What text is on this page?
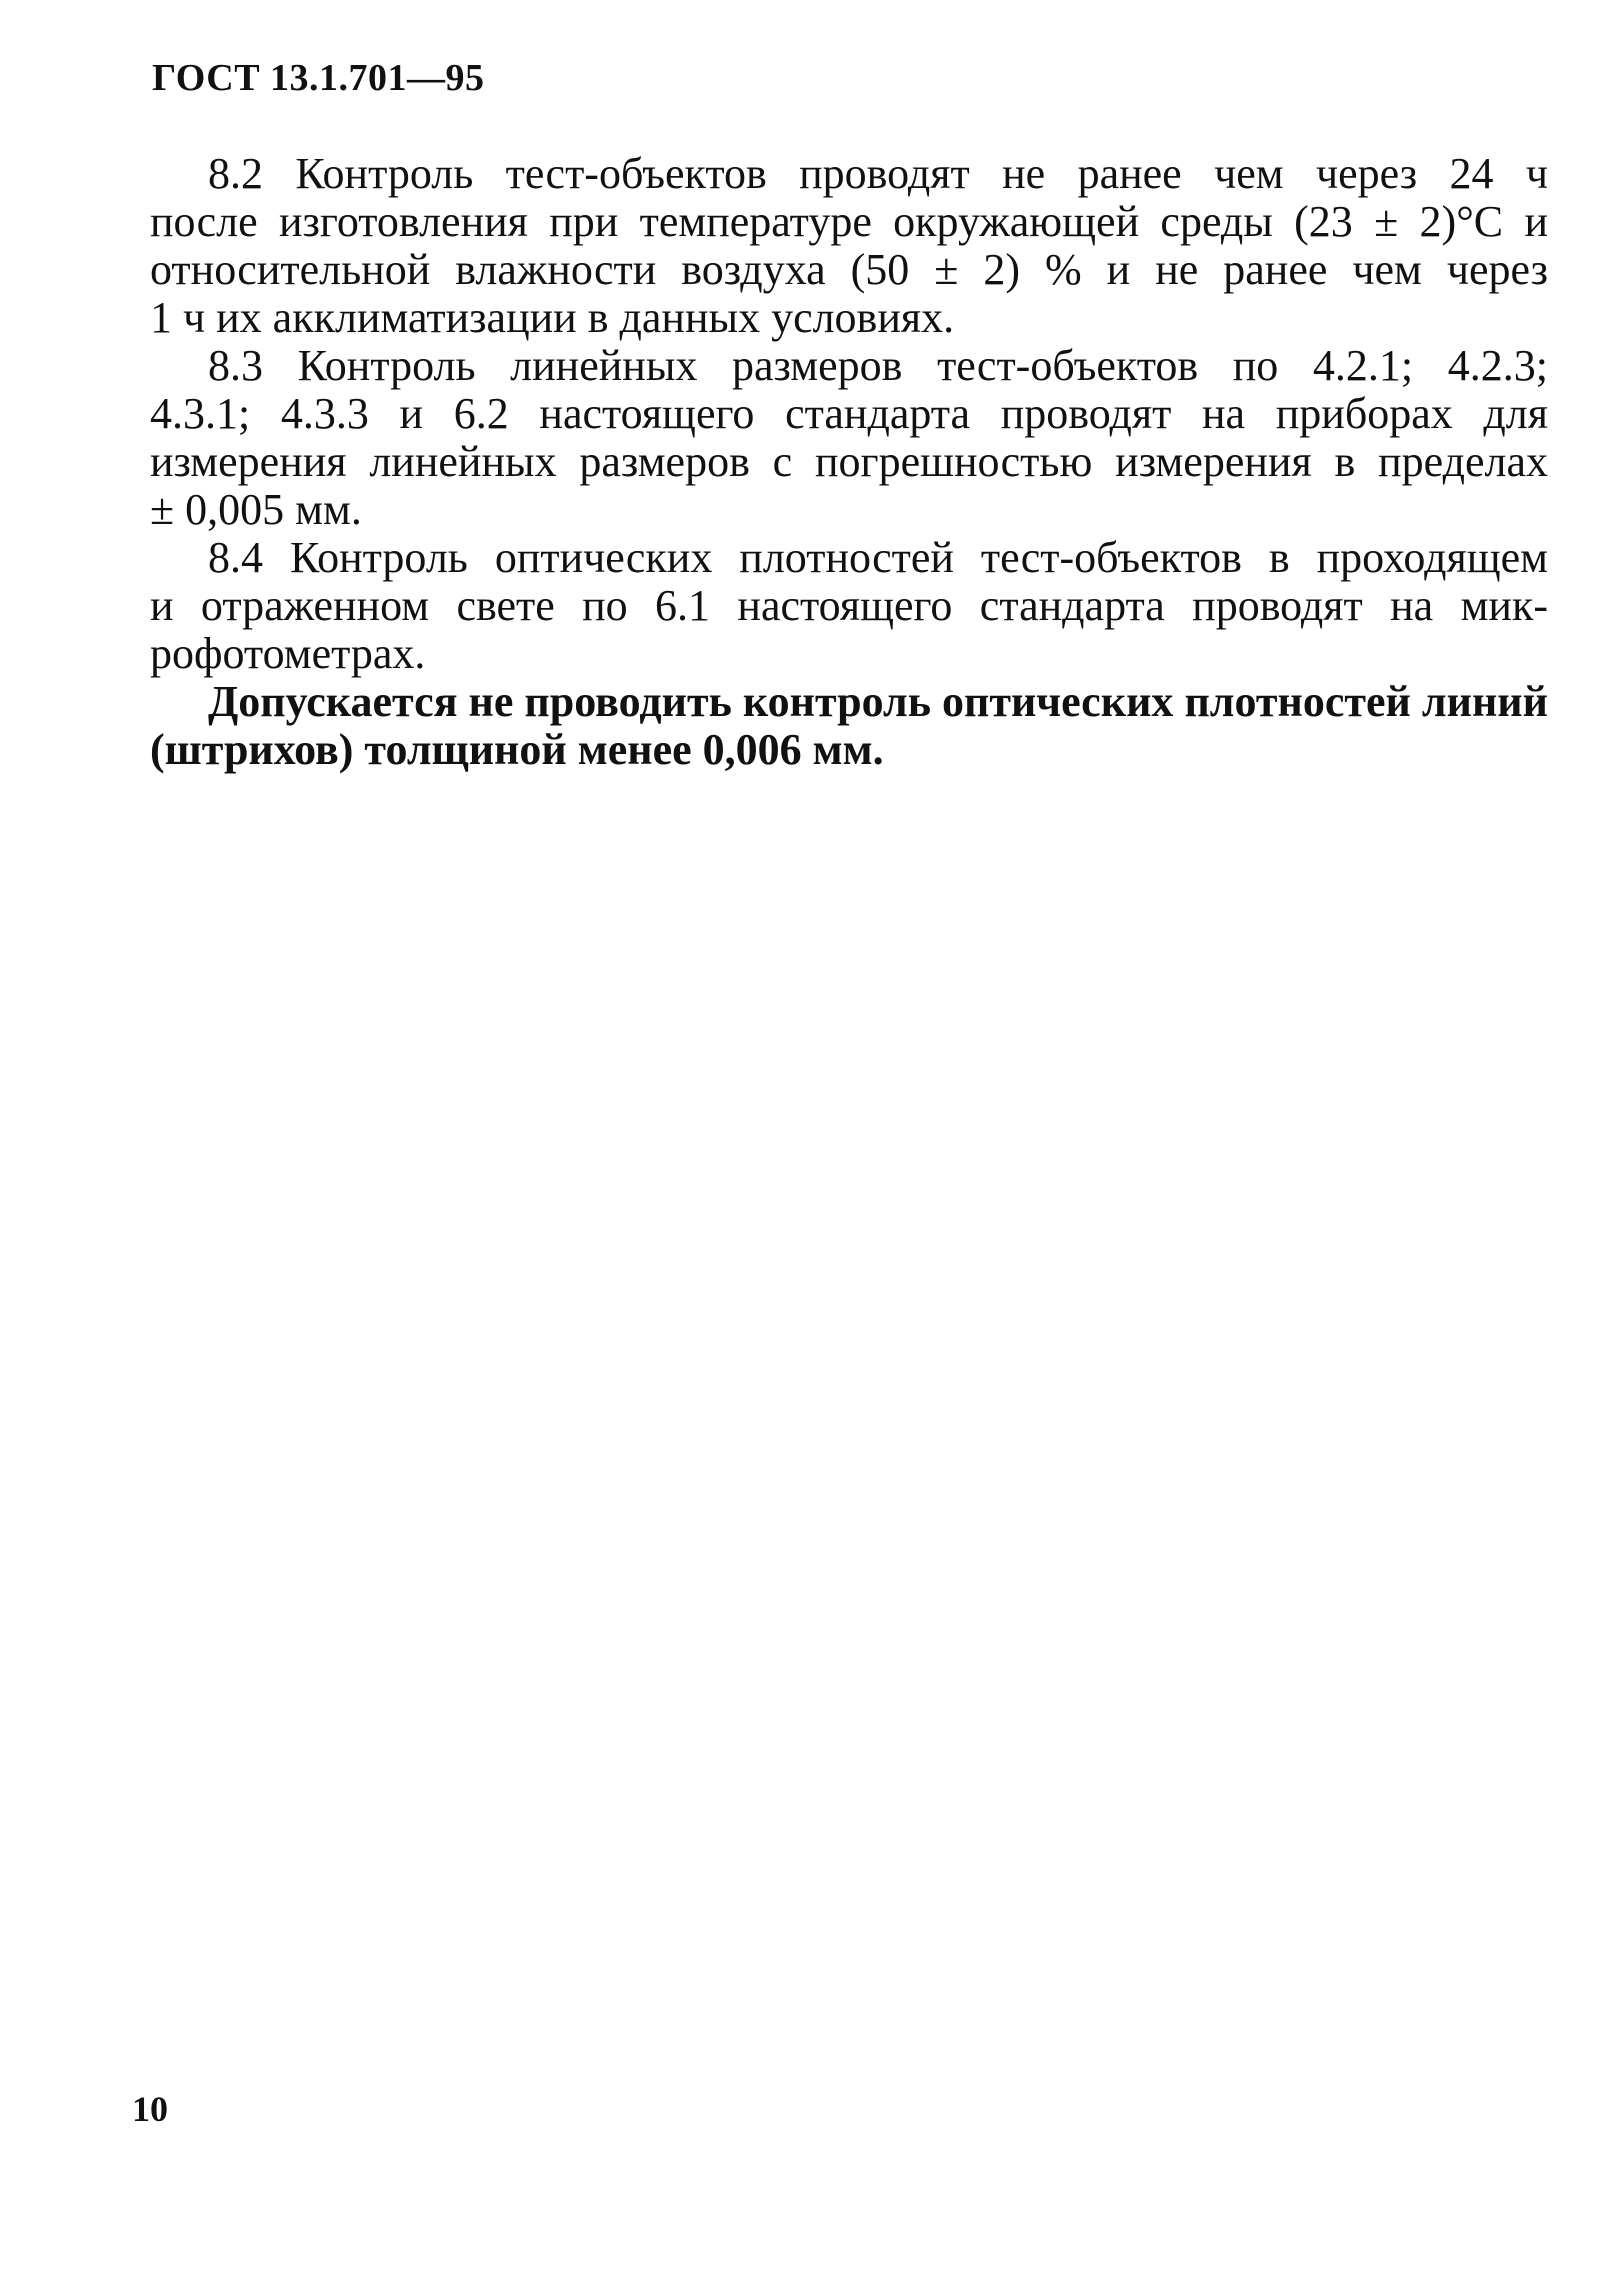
ГОСТ 13.1.701—95
8.2 Контроль тест-объектов проводят не ранее чем через 24 ч
после изготовления при температуре окружающей среды (23 ± 2)°С и
относительной влажности воздуха (50 ± 2) % и не ранее чем через
1 ч их акклиматизации в данных условиях.
8.3 Контроль линейных размеров тест-объектов по 4.2.1; 4.2.3;
4.3.1; 4.3.3 и 6.2 настоящего стандарта проводят на приборах для
измерения линейных размеров с погрешностью измерения в пределах
± 0,005 мм.
8.4 Контроль оптических плотностей тест-объектов в проходящем
и отраженном свете по 6.1 настоящего стандарта проводят на мик-
рофотометрах.
Допускается не проводить контроль оптических плотностей линий
(штрихов) толщиной менее 0,006 мм.
10
